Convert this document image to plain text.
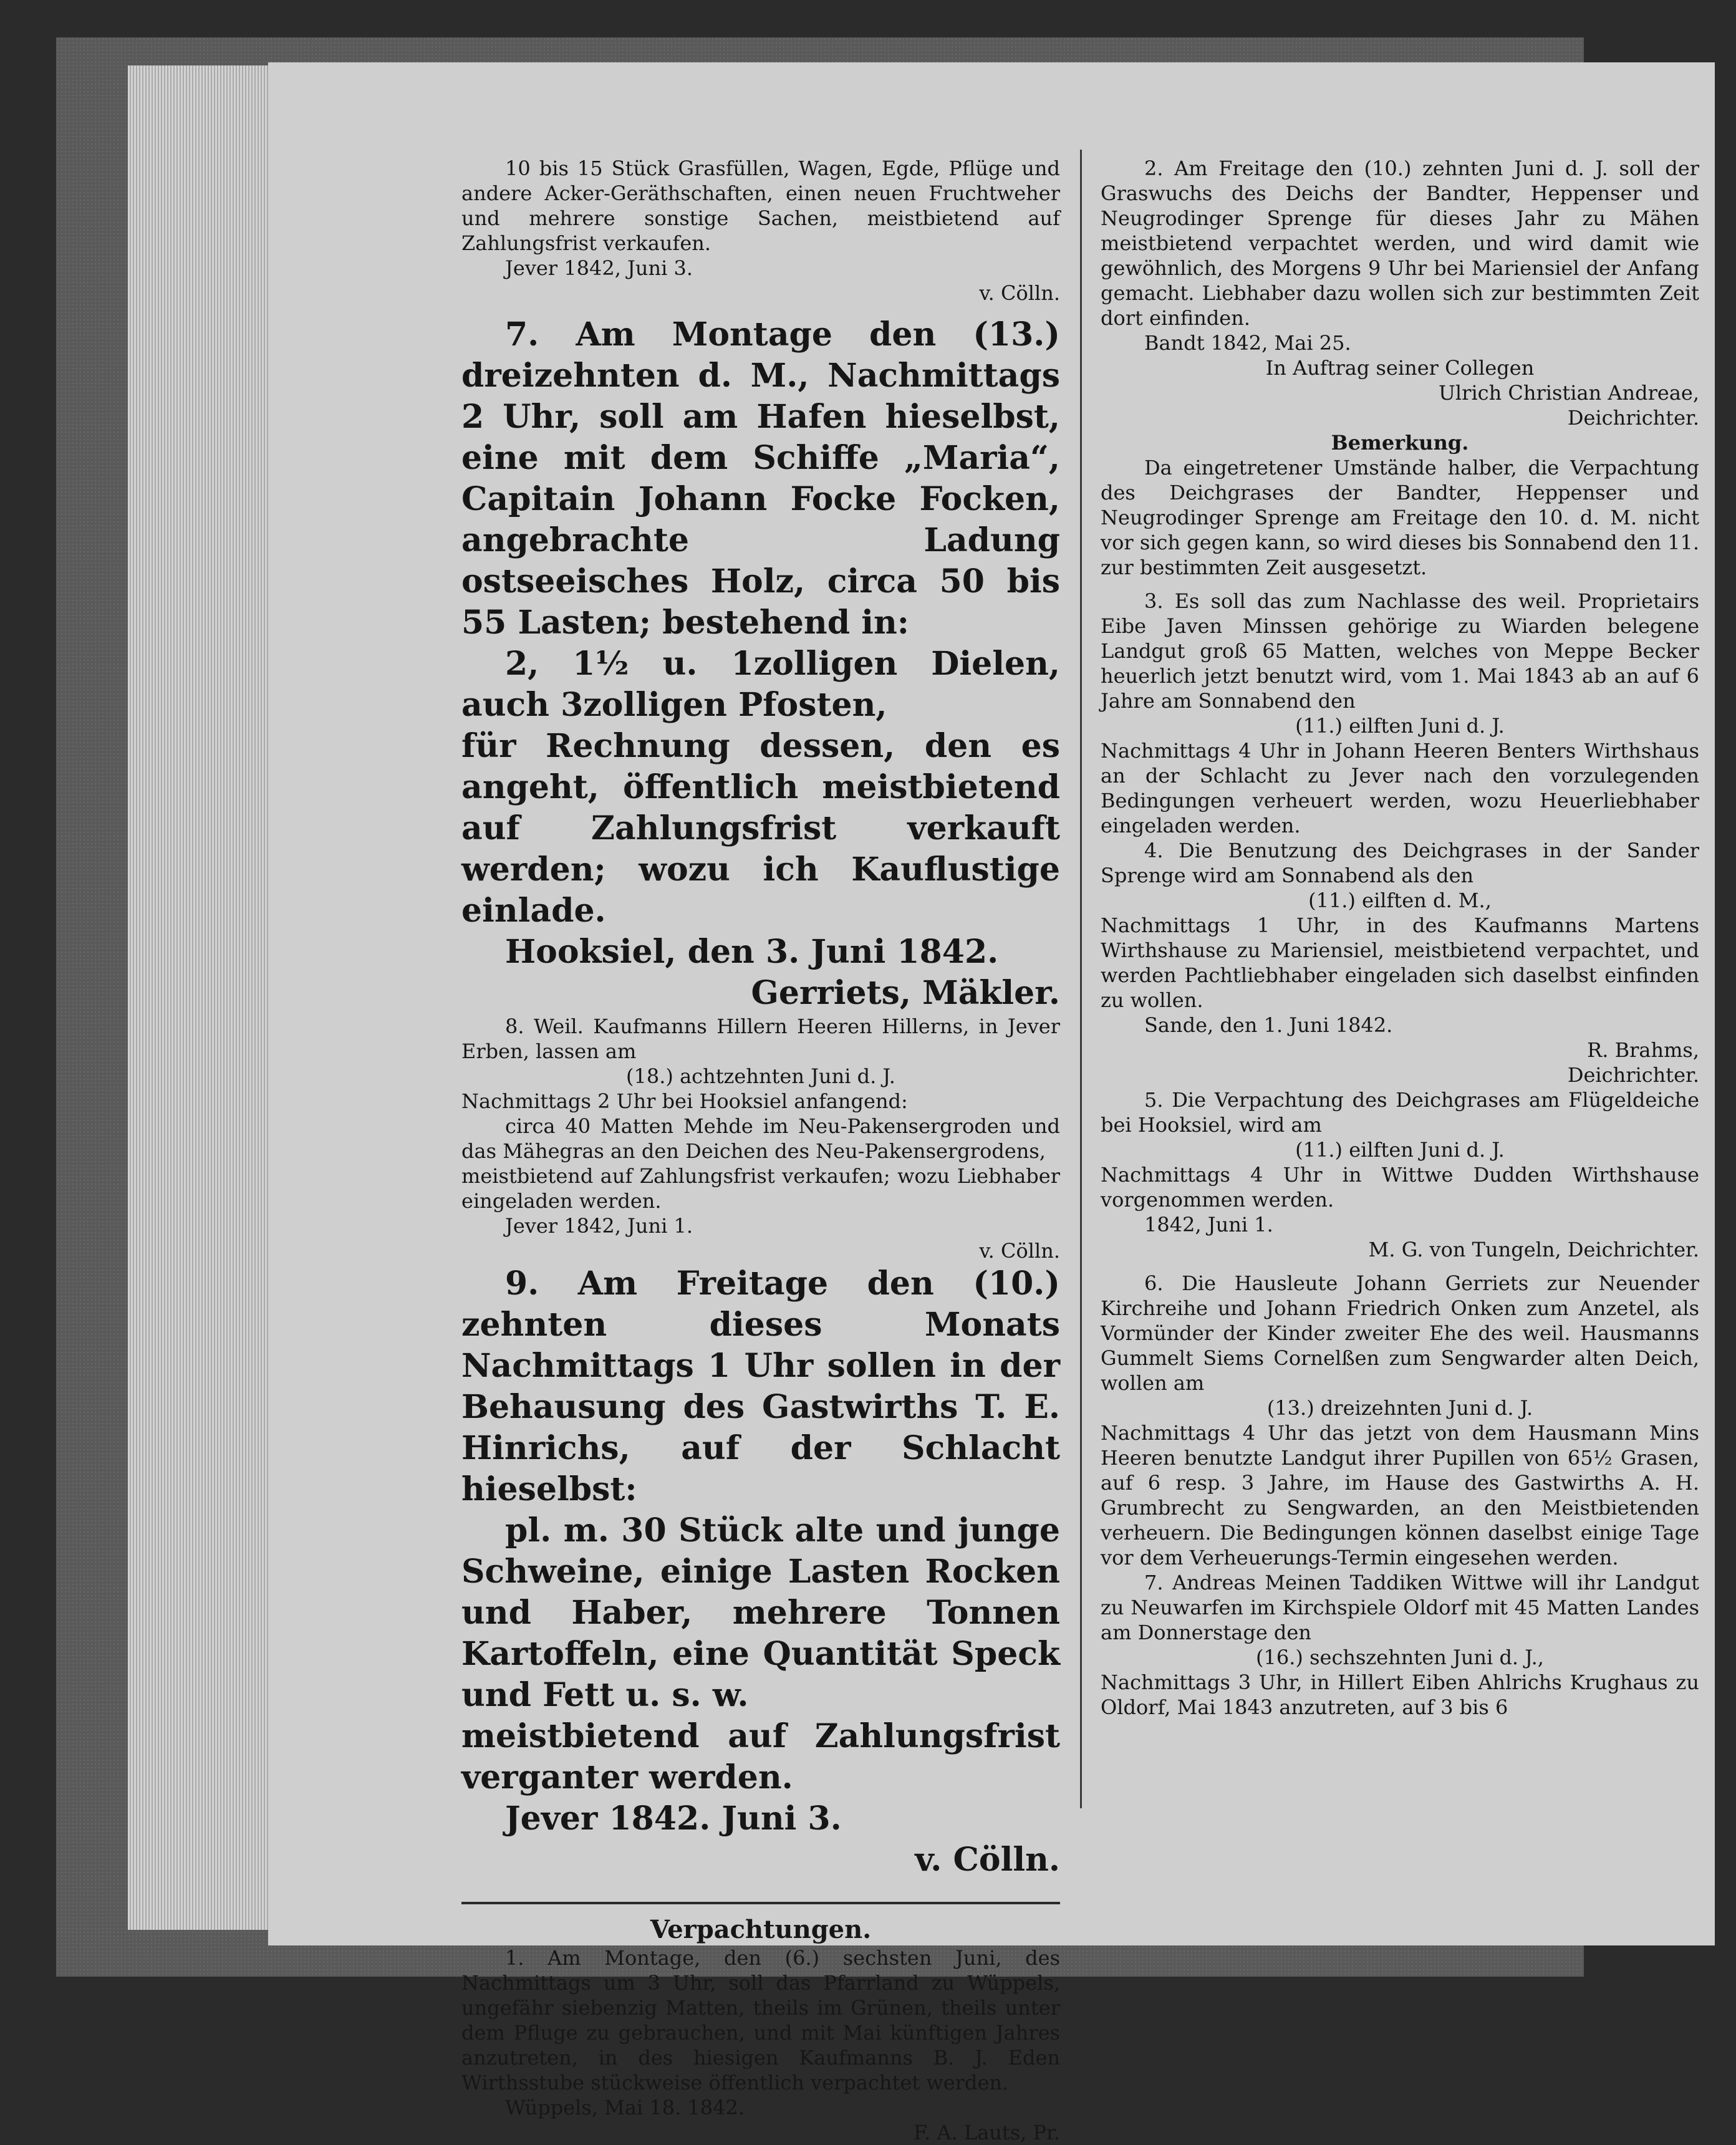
10 bis 15 Stück Grasfüllen, Wagen, Egde, Pflüge und andere Acker-Geräthschaften, einen neuen Fruchtweher und mehrere sonstige Sachen, meistbietend auf Zahlungsfrist verkaufen.

Jever 1842, Juni 3.

v. Cölln.

7. Am Montage den (13.) dreizehnten d. M., Nachmittags 2 Uhr, soll am Hafen hieselbst, eine mit dem Schiffe „Maria“, Capitain Johann Focke Focken, angebrachte Ladung ostseeisches Holz, circa 50 bis 55 Lasten; bestehend in:

2, 1½ u. 1zolligen Dielen, auch 3zolligen Pfosten,

für Rechnung dessen, den es angeht, öffentlich meistbietend auf Zahlungsfrist verkauft werden; wozu ich Kauflustige einlade.

Hooksiel, den 3. Juni 1842.

Gerriets, Mäkler.

8. Weil. Kaufmanns Hillern Heeren Hillerns, in Jever Erben, lassen am

(18.) achtzehnten Juni d. J.

Nachmittags 2 Uhr bei Hooksiel anfangend:

circa 40 Matten Mehde im Neu-Pakensergroden und das Mähegras an den Deichen des Neu-Pakensergrodens,

meistbietend auf Zahlungsfrist verkaufen; wozu Liebhaber eingeladen werden.

Jever 1842, Juni 1.

v. Cölln.

9. Am Freitage den (10.) zehnten dieses Monats Nachmittags 1 Uhr sollen in der Behausung des Gastwirths T. E. Hinrichs, auf der Schlacht hieselbst:

pl. m. 30 Stück alte und junge Schweine, einige Lasten Rocken und Haber, mehrere Tonnen Kartoffeln, eine Quantität Speck und Fett u. s. w.

meistbietend auf Zahlungsfrist verganter werden.

Jever 1842. Juni 3.

v. Cölln.

Verpachtungen.

1. Am Montage, den (6.) sechsten Juni, des Nachmittags um 3 Uhr, soll das Pfarrland zu Wüppels, ungefähr siebenzig Matten, theils im Grünen, theils unter dem Pfluge zu gebrauchen, und mit Mai künftigen Jahres anzutreten, in des hiesigen Kaufmanns B. J. Eden Wirthsstube stückweise öffentlich verpachtet werden.

Wüppels, Mai 18. 1842.

F. A. Lauts, Pr.

2. Am Freitage den (10.) zehnten Juni d. J. soll der Graswuchs des Deichs der Bandter, Heppenser und Neugrodinger Sprenge für dieses Jahr zu Mähen meistbietend verpachtet werden, und wird damit wie gewöhnlich, des Morgens 9 Uhr bei Mariensiel der Anfang gemacht. Liebhaber dazu wollen sich zur bestimmten Zeit dort einfinden.

Bandt 1842, Mai 25.

In Auftrag seiner Collegen

Ulrich Christian Andreae,

Deichrichter.

Bemerkung.

Da eingetretener Umstände halber, die Verpachtung des Deichgrases der Bandter, Heppenser und Neugrodinger Sprenge am Freitage den 10. d. M. nicht vor sich gegen kann, so wird dieses bis Sonnabend den 11. zur bestimmten Zeit ausgesetzt.

3. Es soll das zum Nachlasse des weil. Proprietairs Eibe Javen Minssen gehörige zu Wiarden belegene Landgut groß 65 Matten, welches von Meppe Becker heuerlich jetzt benutzt wird, vom 1. Mai 1843 ab an auf 6 Jahre am Sonnabend den

(11.) eilften Juni d. J.

Nachmittags 4 Uhr in Johann Heeren Benters Wirthshaus an der Schlacht zu Jever nach den vorzulegenden Bedingungen verheuert werden, wozu Heuerliebhaber eingeladen werden.

4. Die Benutzung des Deichgrases in der Sander Sprenge wird am Sonnabend als den

(11.) eilften d. M.,

Nachmittags 1 Uhr, in des Kaufmanns Martens Wirthshause zu Mariensiel, meistbietend verpachtet, und werden Pachtliebhaber eingeladen sich daselbst einfinden zu wollen.

Sande, den 1. Juni 1842.

R. Brahms,

Deichrichter.

5. Die Verpachtung des Deichgrases am Flügeldeiche bei Hooksiel, wird am

(11.) eilften Juni d. J.

Nachmittags 4 Uhr in Wittwe Dudden Wirthshause vorgenommen werden.

1842, Juni 1.

M. G. von Tungeln, Deichrichter.

6. Die Hausleute Johann Gerriets zur Neuender Kirchreihe und Johann Friedrich Onken zum Anzetel, als Vormünder der Kinder zweiter Ehe des weil. Hausmanns Gummelt Siems Cornelßen zum Sengwarder alten Deich, wollen am

(13.) dreizehnten Juni d. J.

Nachmittags 4 Uhr das jetzt von dem Hausmann Mins Heeren benutzte Landgut ihrer Pupillen von 65½ Grasen, auf 6 resp. 3 Jahre, im Hause des Gastwirths A. H. Grumbrecht zu Sengwarden, an den Meistbietenden verheuern. Die Bedingungen können daselbst einige Tage vor dem Verheuerungs-Termin eingesehen werden.

7. Andreas Meinen Taddiken Wittwe will ihr Landgut zu Neuwarfen im Kirchspiele Oldorf mit 45 Matten Landes am Donnerstage den

(16.) sechszehnten Juni d. J.,

Nachmittags 3 Uhr, in Hillert Eiben Ahlrichs Krughaus zu Oldorf, Mai 1843 anzutreten, auf 3 bis 6
